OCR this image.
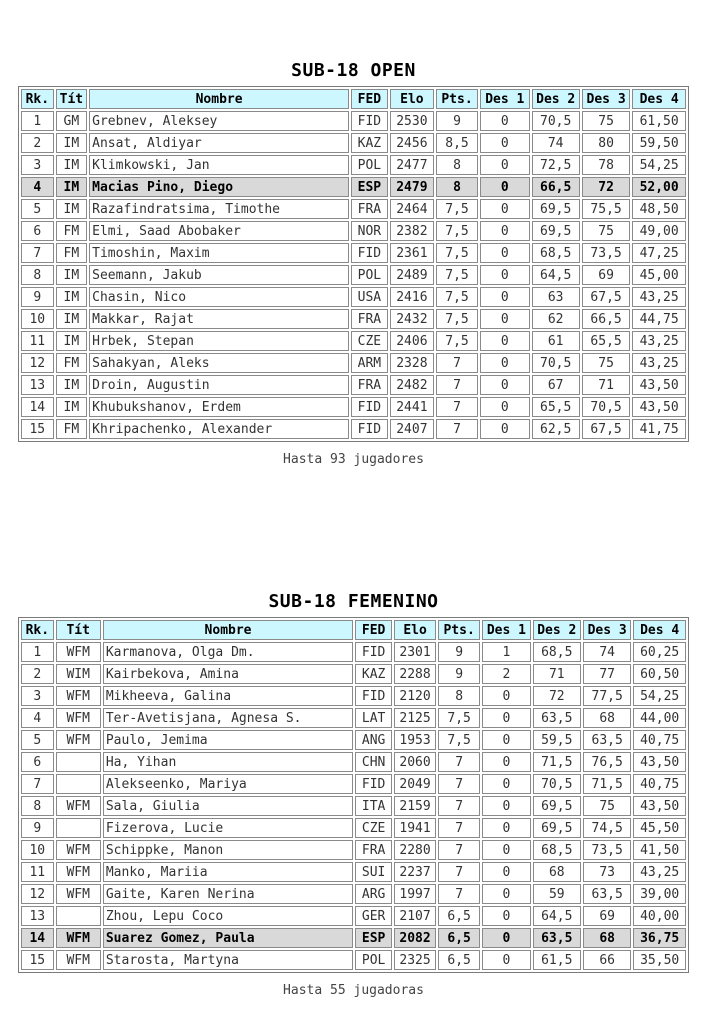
SUB-18 OPEN
Rk.	Tít	Nombre	FED	Elo	Pts.	Des 1	Des 2	Des 3	Des 4
1	GM	Grebnev, Aleksey	FID	2530	9	0	70,5	75	61,50
2	IM	Ansat, Aldiyar	KAZ	2456	8,5	0	74	80	59,50
3	IM	Klimkowski, Jan	POL	2477	8	0	72,5	78	54,25
4	IM	Macias Pino, Diego	ESP	2479	8	0	66,5	72	52,00
5	IM	Razafindratsima, Timothe	FRA	2464	7,5	0	69,5	75,5	48,50
6	FM	Elmi, Saad Abobaker	NOR	2382	7,5	0	69,5	75	49,00
7	FM	Timoshin, Maxim	FID	2361	7,5	0	68,5	73,5	47,25
8	IM	Seemann, Jakub	POL	2489	7,5	0	64,5	69	45,00
9	IM	Chasin, Nico	USA	2416	7,5	0	63	67,5	43,25
10	IM	Makkar, Rajat	FRA	2432	7,5	0	62	66,5	44,75
11	IM	Hrbek, Stepan	CZE	2406	7,5	0	61	65,5	43,25
12	FM	Sahakyan, Aleks	ARM	2328	7	0	70,5	75	43,25
13	IM	Droin, Augustin	FRA	2482	7	0	67	71	43,50
14	IM	Khubukshanov, Erdem	FID	2441	7	0	65,5	70,5	43,50
15	FM	Khripachenko, Alexander	FID	2407	7	0	62,5	67,5	41,75
Hasta 93 jugadores
SUB-18 FEMENINO
Rk.	Tít	Nombre	FED	Elo	Pts.	Des 1	Des 2	Des 3	Des 4
1	WFM	Karmanova, Olga Dm.	FID	2301	9	1	68,5	74	60,25
2	WIM	Kairbekova, Amina	KAZ	2288	9	2	71	77	60,50
3	WFM	Mikheeva, Galina	FID	2120	8	0	72	77,5	54,25
4	WFM	Ter-Avetisjana, Agnesa S.	LAT	2125	7,5	0	63,5	68	44,00
5	WFM	Paulo, Jemima	ANG	1953	7,5	0	59,5	63,5	40,75
6		Ha, Yihan	CHN	2060	7	0	71,5	76,5	43,50
7		Alekseenko, Mariya	FID	2049	7	0	70,5	71,5	40,75
8	WFM	Sala, Giulia	ITA	2159	7	0	69,5	75	43,50
9		Fizerova, Lucie	CZE	1941	7	0	69,5	74,5	45,50
10	WFM	Schippke, Manon	FRA	2280	7	0	68,5	73,5	41,50
11	WFM	Manko, Mariia	SUI	2237	7	0	68	73	43,25
12	WFM	Gaite, Karen Nerina	ARG	1997	7	0	59	63,5	39,00
13		Zhou, Lepu Coco	GER	2107	6,5	0	64,5	69	40,00
14	WFM	Suarez Gomez, Paula	ESP	2082	6,5	0	63,5	68	36,75
15	WFM	Starosta, Martyna	POL	2325	6,5	0	61,5	66	35,50
Hasta 55 jugadoras
